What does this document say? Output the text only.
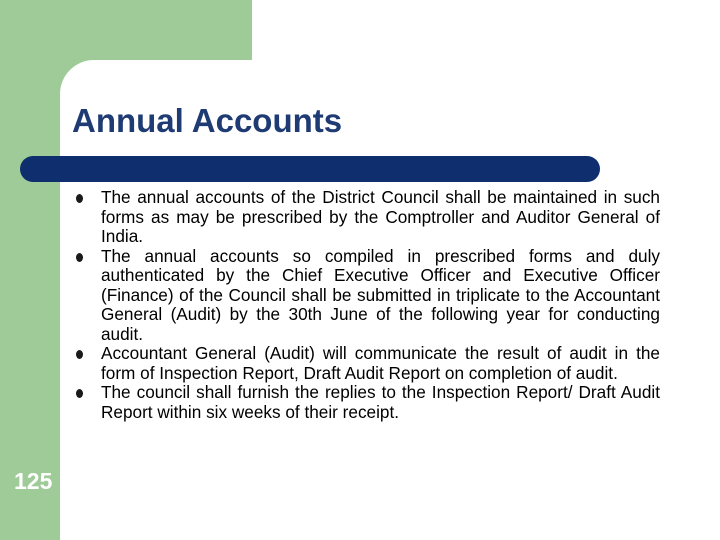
Annual Accounts
The annual accounts of the District Council shall be maintained in such forms as may be prescribed by the Comptroller and Auditor General of India.
The annual accounts so compiled in prescribed forms and duly authenticated by the Chief Executive Officer and Executive Officer (Finance) of the Council shall be submitted in triplicate to the Accountant General (Audit) by the 30th June of the following year for conducting audit.
Accountant General (Audit) will communicate the result of audit in the form of Inspection Report, Draft Audit Report on completion of audit.
The council shall furnish the replies to the Inspection Report/ Draft Audit Report within six weeks of their receipt.
125
